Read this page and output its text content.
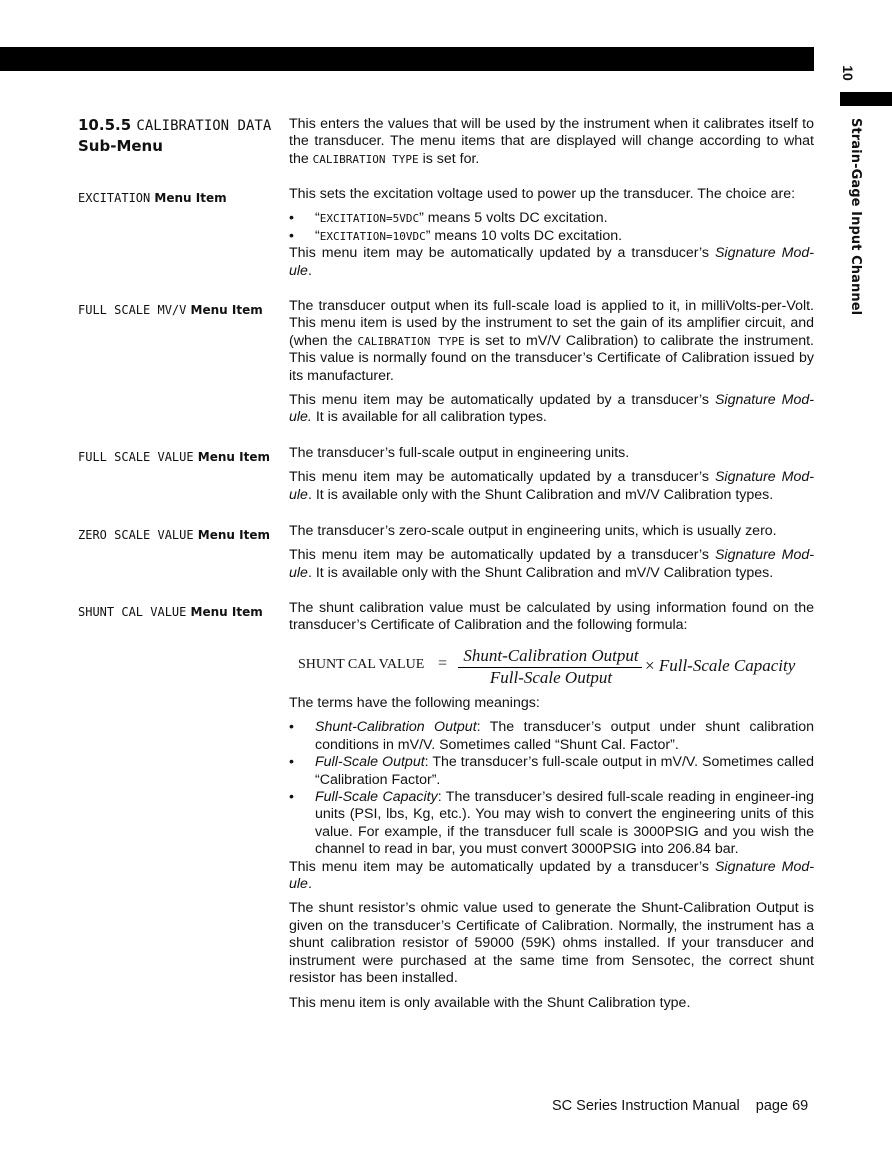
10
Strain-Gage Input Channel
10.5.5 CALIBRATION DATA
Sub-Menu

This enters the values that will be used by the instrument when it calibrates itself to the transducer. The menu items that are displayed will change according to what the CALIBRATION TYPE is set for.

EXCITATION Menu Item	This sets the excitation voltage used to power up the transducer. The choice are:

• “EXCITATION=5VDC” means 5 volts DC excitation.

• “EXCITATION=10VDC” means 10 volts DC excitation.

This menu item may be automatically updated by a transducer’s Signature Mod-ule.

FULL SCALE MV/V Menu Item	The transducer output when its full-scale load is applied to it, in milliVolts-per-Volt. This menu item is used by the instrument to set the gain of its amplifier circuit, and (when the CALIBRATION TYPE is set to mV/V Calibration) to calibrate the instrument. This value is normally found on the transducer’s Certificate of Calibration issued by its manufacturer.

This menu item may be automatically updated by a transducer’s Signature Mod-ule. It is available for all calibration types.

FULL SCALE VALUE Menu Item	The transducer’s full-scale output in engineering units.

This menu item may be automatically updated by a transducer’s Signature Mod-ule. It is available only with the Shunt Calibration and mV/V Calibration types.

ZERO SCALE VALUE Menu Item	The transducer’s zero-scale output in engineering units, which is usually zero.

This menu item may be automatically updated by a transducer’s Signature Mod-ule. It is available only with the Shunt Calibration and mV/V Calibration types.

SHUNT CAL VALUE Menu Item	The shunt calibration value must be calculated by using information found on the transducer’s Certificate of Calibration and the following formula:

SHUNT CAL VALUE = Shunt-Calibration Output
Full-Scale Output
× Full-Scale Capacity

The terms have the following meanings:

• Shunt-Calibration Output: The transducer’s output under shunt calibration conditions in mV/V. Sometimes called “Shunt Cal. Factor”.

• Full-Scale Output: The transducer’s full-scale output in mV/V. Sometimes called “Calibration Factor”.

• Full-Scale Capacity: The transducer’s desired full-scale reading in engineer-ing units (PSI, lbs, Kg, etc.). You may wish to convert the engineering units of this value. For example, if the transducer full scale is 3000PSIG and you wish the channel to read in bar, you must convert 3000PSIG into 206.84 bar.

This menu item may be automatically updated by a transducer’s Signature Mod-ule.

The shunt resistor’s ohmic value used to generate the Shunt-Calibration Output is given on the transducer’s Certificate of Calibration. Normally, the instrument has a shunt calibration resistor of 59000 (59K) ohms installed. If your transducer and instrument were purchased at the same time from Sensotec, the correct shunt resistor has been installed.

This menu item is only available with the Shunt Calibration type.

SC Series Instruction Manual page 69
